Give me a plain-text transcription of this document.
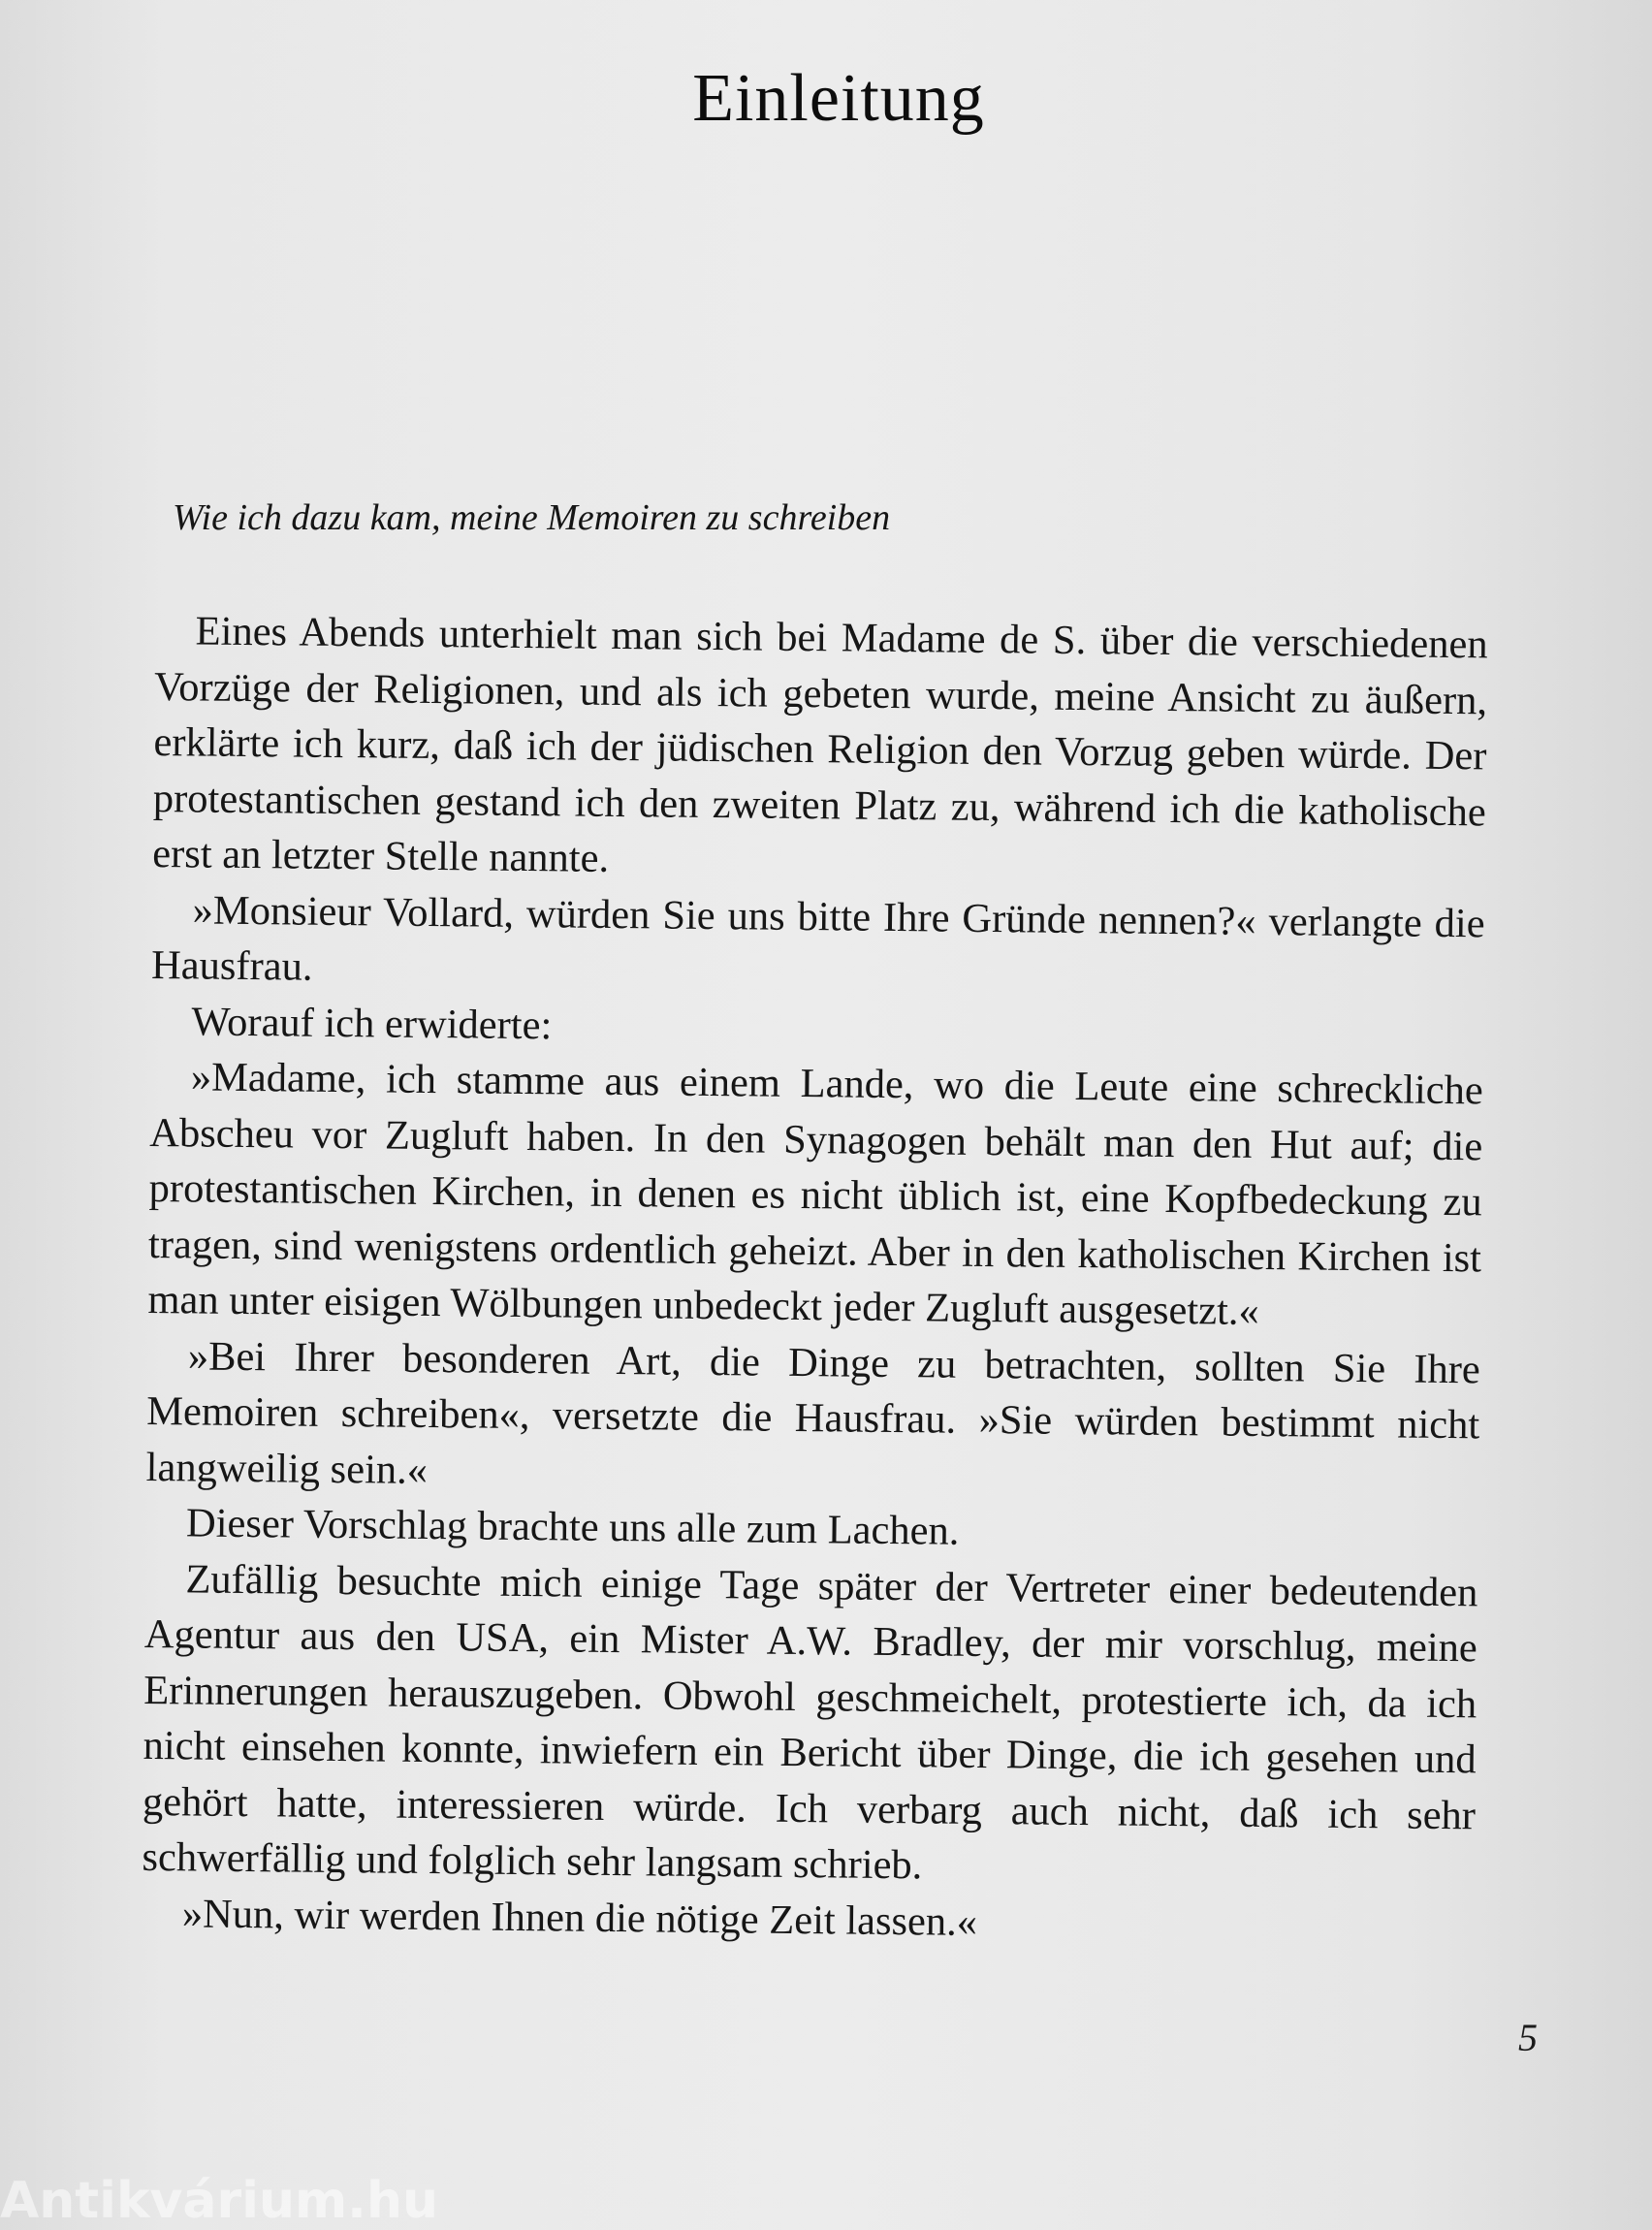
Einleitung
Wie ich dazu kam, meine Memoiren zu schreiben

Eines Abends unterhielt man sich bei Madame de S. über die verschiedenen Vorzüge der Religionen, und als ich gebeten wurde, meine Ansicht zu äußern, erklärte ich kurz, daß ich der jüdischen Religion den Vorzug geben würde. Der protestantischen gestand ich den zweiten Platz zu, während ich die katholische erst an letzter Stelle nannte.

»Monsieur Vollard, würden Sie uns bitte Ihre Gründe nennen?« verlangte die Hausfrau.

Worauf ich erwiderte:

»Madame, ich stamme aus einem Lande, wo die Leute eine schreckliche Abscheu vor Zugluft haben. In den Synagogen behält man den Hut auf; die protestantischen Kirchen, in denen es nicht üblich ist, eine Kopfbedeckung zu tragen, sind wenigstens ordentlich geheizt. Aber in den katholischen Kirchen ist man unter eisigen Wölbungen unbedeckt jeder Zugluft ausgesetzt.«

»Bei Ihrer besonderen Art, die Dinge zu betrachten, sollten Sie Ihre Memoiren schreiben«, versetzte die Hausfrau. »Sie würden bestimmt nicht langweilig sein.«

Dieser Vorschlag brachte uns alle zum Lachen.

Zufällig besuchte mich einige Tage später der Vertreter einer bedeutenden Agentur aus den USA, ein Mister A.W. Bradley, der mir vorschlug, meine Erinnerungen herauszugeben. Obwohl geschmeichelt, protestierte ich, da ich nicht einsehen konnte, inwiefern ein Bericht über Dinge, die ich gesehen und gehört hatte, interessieren würde. Ich verbarg auch nicht, daß ich sehr schwerfällig und folglich sehr langsam schrieb.

»Nun, wir werden Ihnen die nötige Zeit lassen.«

5
Antikvárium.hu
